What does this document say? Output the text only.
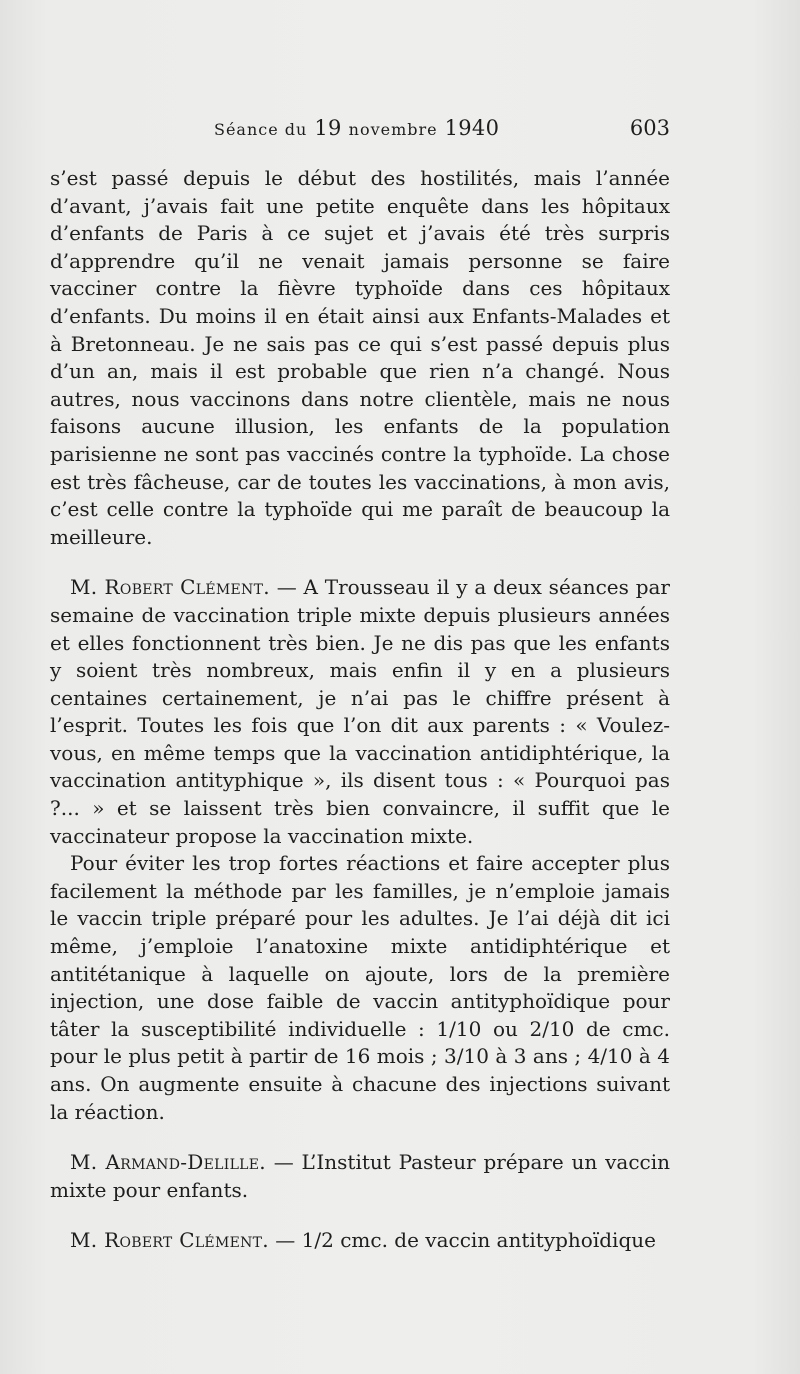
Séance du 19 novembre 1940	603

s’est passé depuis le début des hostilités, mais l’année d’avant, j’avais fait une petite enquête dans les hôpitaux d’enfants de Paris à ce sujet et j’avais été très surpris d’apprendre qu’il ne venait jamais personne se faire vacciner contre la fièvre typhoïde dans ces hôpitaux d’enfants. Du moins il en était ainsi aux Enfants-Malades et à Bretonneau. Je ne sais pas ce qui s’est passé depuis plus d’un an, mais il est probable que rien n’a changé. Nous autres, nous vaccinons dans notre clientèle, mais ne nous faisons aucune illusion, les enfants de la population parisienne ne sont pas vaccinés contre la typhoïde. La chose est très fâcheuse, car de toutes les vaccinations, à mon avis, c’est celle contre la typhoïde qui me paraît de beaucoup la meilleure.

M. Robert Clément. — A Trousseau il y a deux séances par semaine de vaccination triple mixte depuis plusieurs années et elles fonctionnent très bien. Je ne dis pas que les enfants y soient très nombreux, mais enfin il y en a plusieurs centaines certainement, je n’ai pas le chiffre présent à l’esprit. Toutes les fois que l’on dit aux parents : « Voulez-vous, en même temps que la vaccination antidiphtérique, la vaccination antityphique », ils disent tous : « Pourquoi pas ?... » et se laissent très bien convaincre, il suffit que le vaccinateur propose la vaccination mixte.

Pour éviter les trop fortes réactions et faire accepter plus facilement la méthode par les familles, je n’emploie jamais le vaccin triple préparé pour les adultes. Je l’ai déjà dit ici même, j’emploie l’anatoxine mixte antidiphtérique et antitétanique à laquelle on ajoute, lors de la première injection, une dose faible de vaccin antityphoïdique pour tâter la susceptibilité individuelle : 1/10 ou 2/10 de cmc. pour le plus petit à partir de 16 mois ; 3/10 à 3 ans ; 4/10 à 4 ans. On augmente ensuite à chacune des injections suivant la réaction.

M. Armand-Delille. — L’Institut Pasteur prépare un vaccin mixte pour enfants.

M. Robert Clément. — 1/2 cmc. de vaccin antityphoïdique
